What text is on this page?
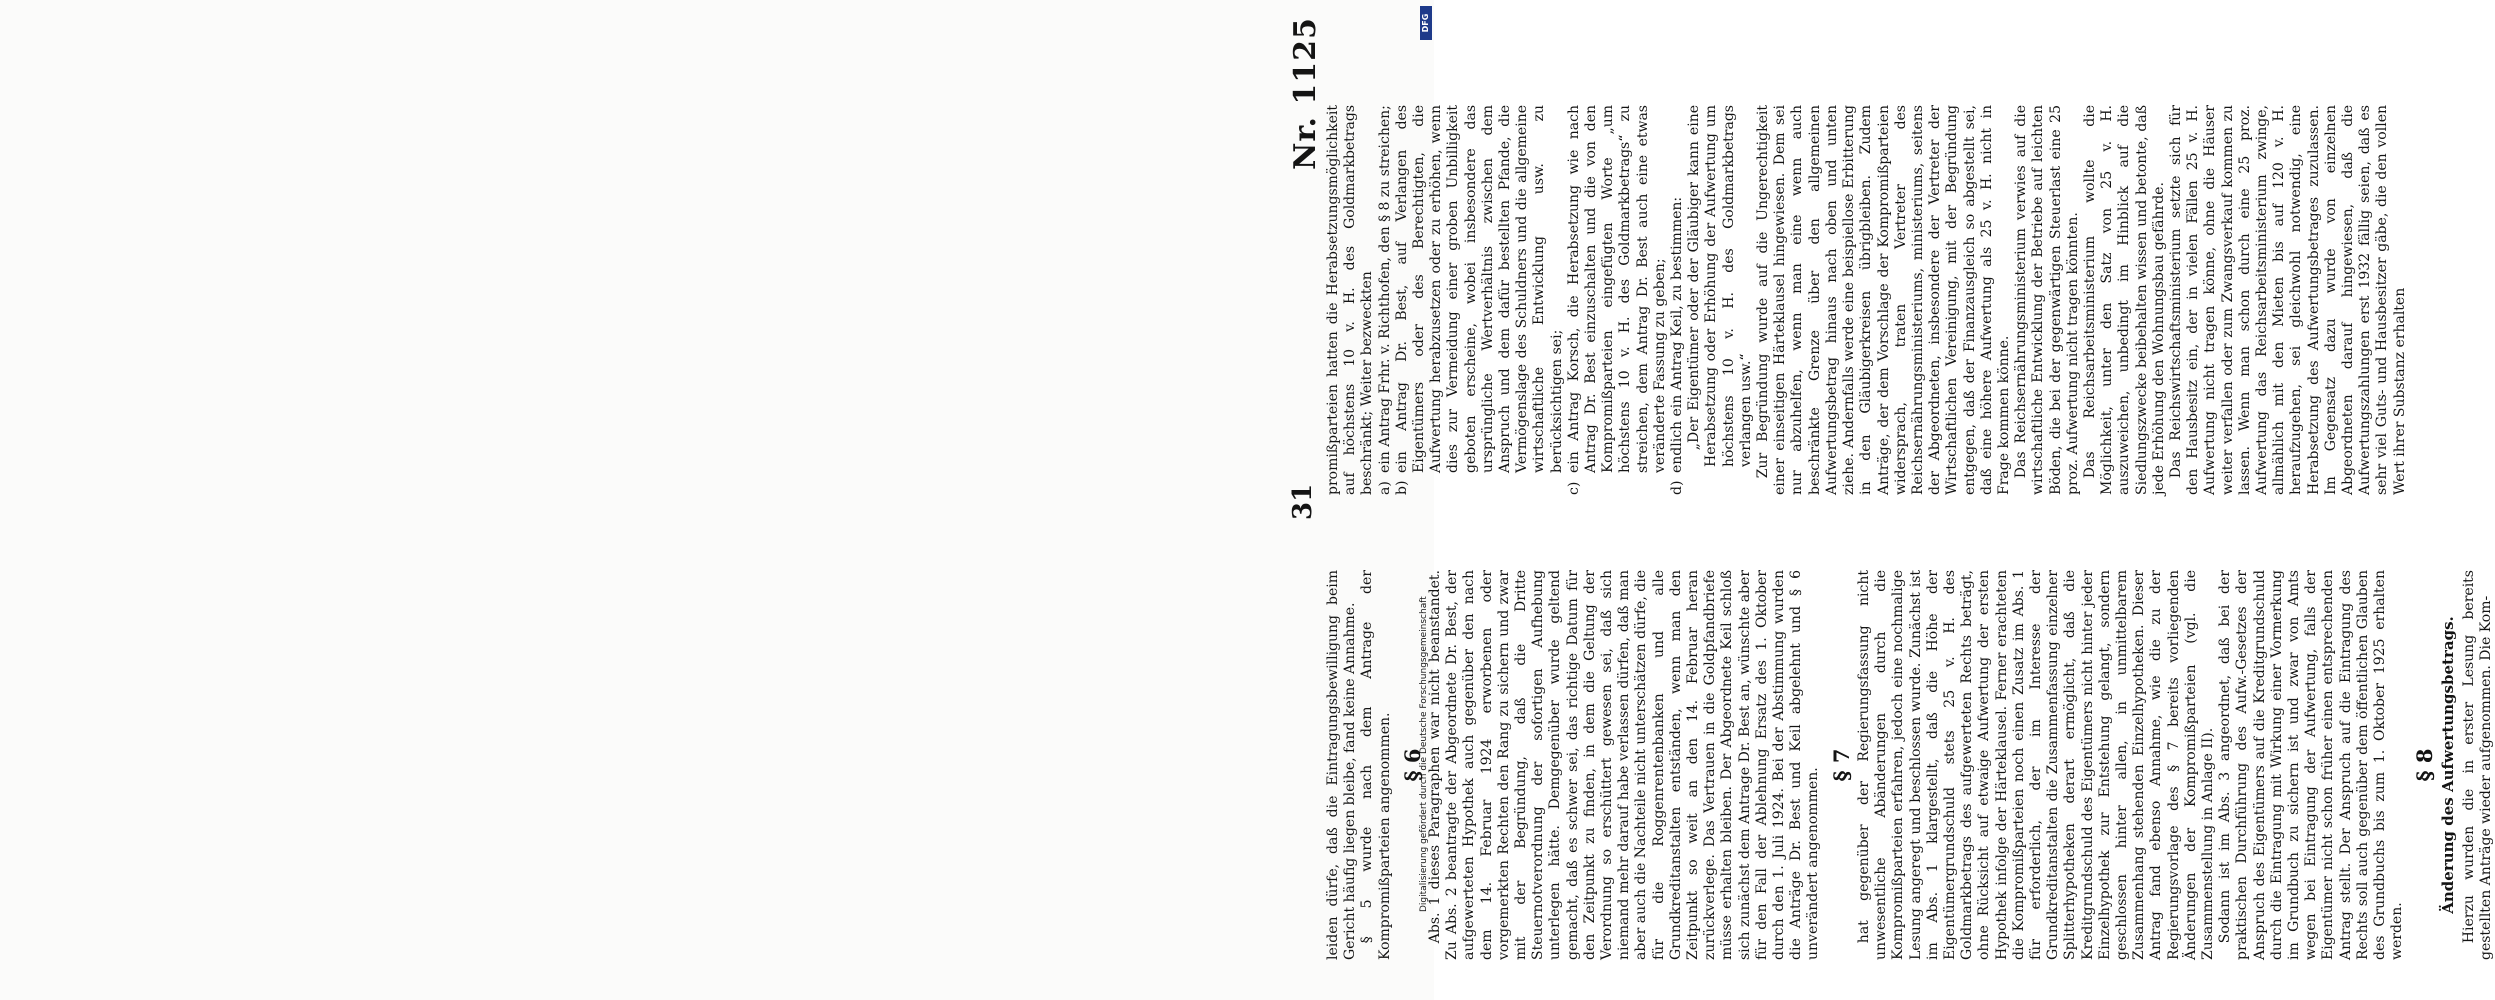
31
Nr. 1125

leiden dürfe, daß die Eintragungsbewilligung beim Gericht häufig liegen bleibe, fand keine Annahme. § 5 wurde nach dem Antrage der Kompromißparteien angenommen. § 6 Abs. 1 dieses Paragraphen war nicht beanstandet. Zu Abs. 2 beantragte der Abgeordnete Dr. Best, der aufgewerteten Hypothek auch gegenüber den nach dem 14. Februar 1924 erworbenen oder vorgemerkten Rechten den Rang zu sichern und zwar mit der Begründung, daß die Dritte Steuernotverordnung der sofortigen Aufhebung unterlegen hätte. Demgegenüber wurde geltend gemacht, daß es schwer sei, das richtige Datum für den Zeitpunkt zu finden, in dem die Geltung der Verordnung so erschüttert gewesen sei, daß sich niemand mehr darauf habe verlassen dürfen, daß man aber auch die Nachteile nicht unterschätzen dürfe, die für die Roggenrentenbanken und alle Grundkreditanstalten entständen, wenn man den Zeitpunkt so weit an den 14. Februar heran zurückverlege. Das Vertrauen in die Goldpfandbriefe müsse erhalten bleiben. Der Abgeordnete Keil schloß sich zunächst dem Antrage Dr. Best an, wünschte aber für den Fall der Ablehnung Ersatz des 1. Oktober durch den 1. Juli 1924. Bei der Abstimmung wurden die Anträge Dr. Best und Keil abgelehnt und § 6 unverändert angenommen.

§ 7 hat gegenüber der Regierungsfassung nicht unwesentliche Abänderungen durch die Kompromißparteien erfahren, jedoch eine nochmalige Lesung angeregt und beschlossen wurde. Zunächst ist im Abs. 1 klargestellt, daß die Höhe der Eigentümergrundschuld stets 25 v. H. des Goldmarkbetrags des aufgewerteten Rechts beträgt, ohne Rücksicht auf etwaige Aufwertung der ersten Hypothek infolge der Härteklausel. Ferner erachteten die Kompromißparteien noch einen Zusatz im Abs. 1 für erforderlich, der im Interesse der Grundkreditanstalten die Zusammenfassung einzelner Splitterhypotheken derart ermöglicht, daß die Kreditgrundschuld des Eigentümers nicht hinter jeder Einzelhypothek zur Entstehung gelangt, sondern geschlossen hinter allen, in unmittelbarem Zusammenhang stehenden Einzelhypotheken. Dieser Antrag fand ebenso Annahme, wie die zu der Regierungsvorlage des § 7 bereits vorliegenden Änderungen der Kompromißparteien (vgl. die Zusammenstellung in Anlage II). Sodann ist im Abs. 3 angeordnet, daß bei der praktischen Durchführung des Aufw.-Gesetzes der Anspruch des Eigentümers auf die Kreditgrundschuld durch die Eintragung mit Wirkung einer Vormerkung im Grundbuch zu sichern ist und zwar von Amts wegen bei Eintragung der Aufwertung, falls der Eigentümer nicht schon früher einen entsprechenden Antrag stellt. Der Anspruch auf die Eintragung des Rechts soll auch gegenüber dem öffentlichen Glauben des Grundbuchs bis zum 1. Oktober 1925 erhalten werden.

§ 8 Änderung des Aufwertungsbetrags. Hierzu wurden die in erster Lesung bereits gestellten Anträge wieder aufgenommen. Die Kom-

promißparteien hatten die Herabsetzungsmöglichkeit auf höchstens 10 v. H. des Goldmarkbetrags beschränkt; Weiter bezweckten a)
ein Antrag Frhr. v. Richthofen, den § 8 zu streichen;
b)
ein Antrag Dr. Best, auf Verlangen des Eigentümers oder des Berechtigten, die Aufwertung herabzusetzen oder zu erhöhen, wenn dies zur Vermeidung einer groben Unbilligkeit geboten erscheine, wobei insbesondere das ursprüngliche Wertverhältnis zwischen dem Anspruch und dem dafür bestellten Pfande, die Vermögenslage des Schuldners und die allgemeine wirtschaftliche Entwicklung usw. zu berücksichtigen sei;
c)
ein Antrag Korsch, die Herabsetzung wie nach Antrag Dr. Best einzuschalten und die von den Kompromißparteien eingefügten Worte „um höchstens 10 v. H. des Goldmarkbetrags“ zu streichen, dem Antrag Dr. Best auch eine etwas veränderte Fassung zu geben;
d)
endlich ein Antrag Keil, zu bestimmen: „Der Eigentümer oder der Gläubiger kann eine Herabsetzung oder Erhöhung der Aufwertung um höchstens 10 v. H. des Goldmarkbetrags verlangen usw.“ Zur Begründung wurde auf die Ungerechtigkeit einer einseitigen Härteklausel hingewiesen. Dem sei nur abzuhelfen, wenn man eine wenn auch beschränkte Grenze über den allgemeinen Aufwertungsbetrag hinaus nach oben und unten ziehe. Andernfalls werde eine beispiellose Erbitterung in den Gläubigerkreisen übrigbleiben. Zudem Anträge, der dem Vorschlage der Kompromißparteien widersprach, traten Vertreter des Reichsernährungsministeriums, ministeriums, seitens der Abgeordneten, insbesondere der Vertreter der Wirtschaftlichen Vereinigung, mit der Begründung entgegen, daß der Finanzausgleich so abgestellt sei, daß eine höhere Aufwertung als 25 v. H. nicht in Frage kommen könne. Das Reichsernährungsministerium verwies auf die wirtschaftliche Entwicklung der Betriebe auf leichten Böden, die bei der gegenwärtigen Steuerlast eine 25 proz. Aufwertung nicht tragen könnten. Das Reichsarbeitsministerium wollte die Möglichkeit, unter den Satz von 25 v. H. auszuweichen, unbedingt im Hinblick auf die Siedlungszwecke beibehalten wissen und betonte, daß jede Erhöhung den Wohnungsbau gefährde. Das Reichswirtschaftsministerium setzte sich für den Hausbesitz ein, der in vielen Fällen 25 v. H. Aufwertung nicht tragen könne, ohne die Häuser weiter verfallen oder zum Zwangsverkauf kommen zu lassen. Wenn man schon durch eine 25 proz. Aufwertung das Reichsarbeitsministerium zwinge, allmählich mit den Mieten bis auf 120 v. H. heraufzugehen, sei gleichwohl notwendig, eine Herabsetzung des Aufwertungsbetrages zuzulassen. Im Gegensatz dazu wurde von einzelnen Abgeordneten darauf hingewiesen, daß die Aufwertungszahlungen erst 1932 fällig seien, daß es sehr viel Guts- und Hausbesitzer gäbe, die den vollen Wert ihrer Substanz erhalten

Digitalisierung gefördert durch die Deutsche Forschungsgemeinschaft
DFG
